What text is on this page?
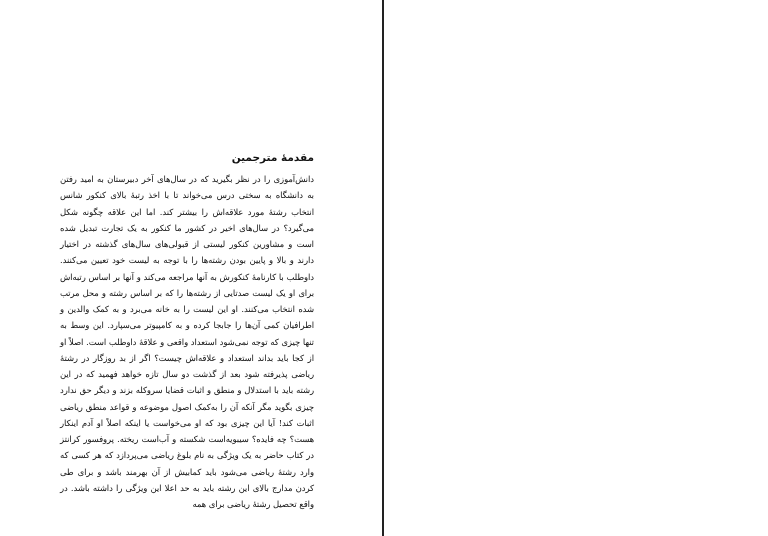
مقدمهٔ مترجمین
دانش‌آموزی را در نظر بگیرید که در سال‌های آخر دبیرستان به امید رفتن به دانشگاه به سختی درس می‌خواند تا با اخذ رتبهٔ بالای کنکور شانس انتخاب رشتهٔ مورد علاقه‌اش را بیشتر کند. اما این علاقه چگونه شکل می‌گیرد؟ در سال‌های اخیر در کشور ما کنکور به یک تجارت تبدیل شده است و مشاورین کنکور لیستی از قبولی‌های سال‌های گذشته در اختیار دارند و بالا و پایین بودن رشته‌ها را با توجه به لیست خود تعیین می‌کنند. داوطلب با کارنامهٔ کنکورش به آنها مراجعه می‌کند و آنها بر اساس رتبه‌اش برای او یک لیست صدتایی از رشته‌ها را که بر اساس رشته و محل مرتب شده انتخاب می‌کنند. او این لیست را به خانه می‌برد و به کمک والدین و اطرافیان کمی آن‌ها را جابجا کرده و به کامپیوتر می‌سپارد. این وسط به تنها چیزی که توجه نمی‌شود استعداد واقعی و علاقهٔ داوطلب است. اصلاً او از کجا باید بداند استعداد و علاقه‌اش چیست؟ اگر از بد روزگار در رشتهٔ ریاضی پذیرفته شود بعد از گذشت دو سال تازه خواهد فهمید که در این رشته باید با استدلال و منطق و اثبات قضایا سروکله بزند و دیگر حق ندارد چیزی بگوید مگر آنکه آن را به‌کمک اصول موضوعه و قواعد منطق ریاضی اثبات کند! آیا این چیزی بود که او می‌خواست یا اینکه اصلاً او آدم اینکار هست؟ چه فایده؟ سیبویه‌است شکسته و آب‌است ریخته. پروفسور کرانتز در کتاب حاضر به یک ویژگی به نام بلوغ ریاضی می‌پردازد که هر کسی که وارد رشتهٔ ریاضی می‌شود باید کمابیش از آن بهرمند باشد و برای طی کردن مدارج بالای این رشته باید به حد اعلا این ویژگی را داشته باشد. در واقع تحصیل رشتهٔ ریاضی برای همه
